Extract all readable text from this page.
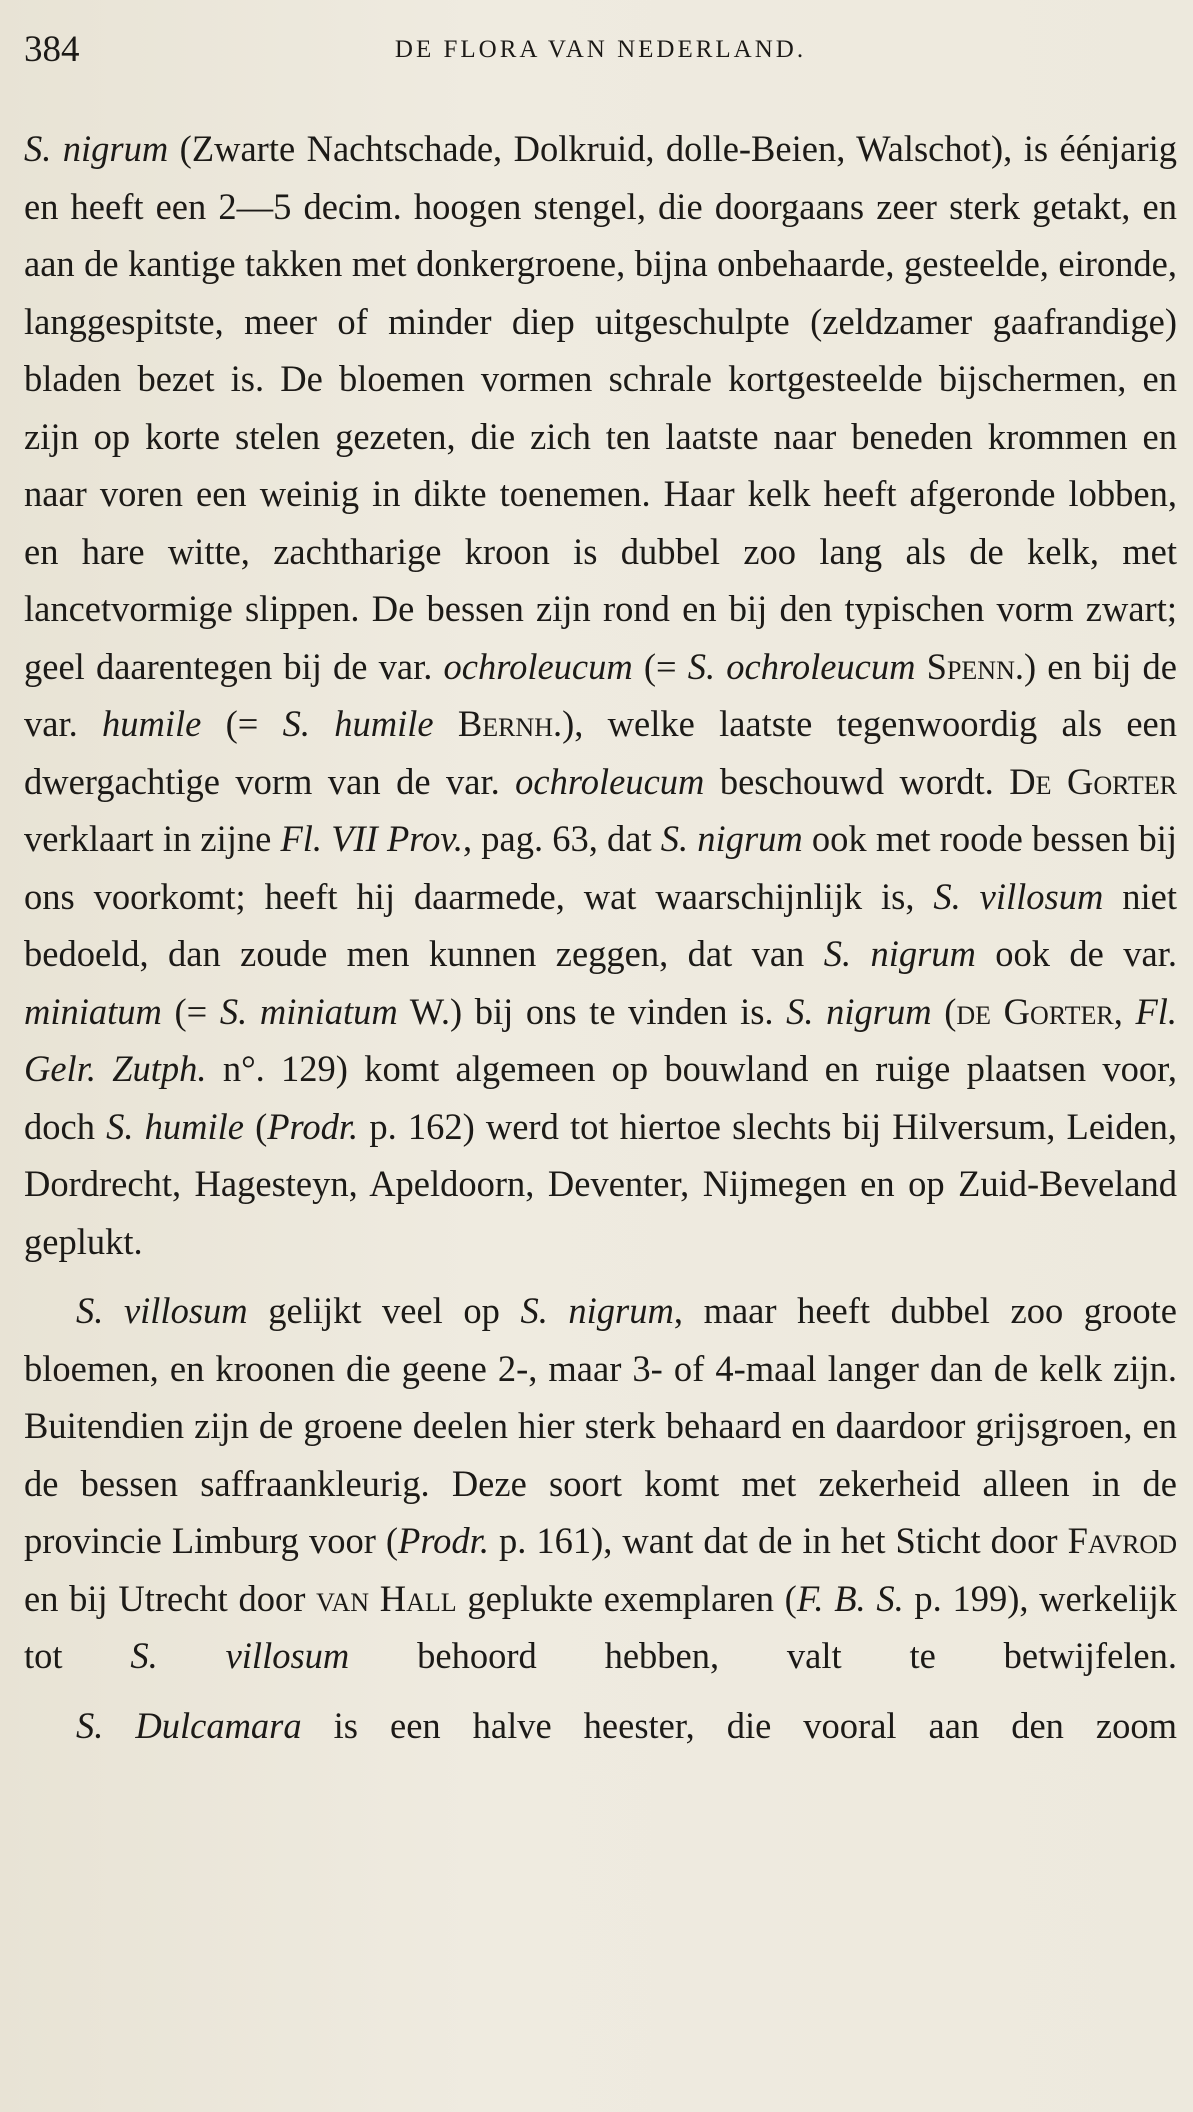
384	DE FLORA VAN NEDERLAND.

S. nigrum (Zwarte Nachtschade, Dolkruid, dolle-Beien, Walschot), is éénjarig en heeft een 2—5 decim. hoogen stengel, die doorgaans zeer sterk getakt, en aan de kantige takken met donkergroene, bijna onbehaarde, gesteelde, eironde, langgespitste, meer of minder diep uitgeschulpte (zeldzamer gaafrandige) bladen bezet is. De bloemen vormen schrale kortgesteelde bijschermen, en zijn op korte stelen gezeten, die zich ten laatste naar beneden krommen en naar voren een weinig in dikte toenemen. Haar kelk heeft afgeronde lobben, en hare witte, zachtharige kroon is dubbel zoo lang als de kelk, met lancetvormige slippen. De bessen zijn rond en bij den typischen vorm zwart; geel daarentegen bij de var. ochroleucum (= S. ochroleucum Spenn.) en bij de var. humile (= S. humile Bernh.), welke laatste tegenwoordig als een dwergachtige vorm van de var. ochroleucum beschouwd wordt. De Gorter verklaart in zijne Fl. VII Prov., pag. 63, dat S. nigrum ook met roode bessen bij ons voorkomt; heeft hij daarmede, wat waarschijnlijk is, S. villosum niet bedoeld, dan zoude men kunnen zeggen, dat van S. nigrum ook de var. miniatum (= S. miniatum W.) bij ons te vinden is. S. nigrum (de Gorter, Fl. Gelr. Zutph. n°. 129) komt algemeen op bouwland en ruige plaatsen voor, doch S. humile (Prodr. p. 162) werd tot hiertoe slechts bij Hilversum, Leiden, Dordrecht, Hagesteyn, Apeldoorn, Deventer, Nijmegen en op Zuid-Beveland geplukt.

S. villosum gelijkt veel op S. nigrum, maar heeft dubbel zoo groote bloemen, en kroonen die geene 2-, maar 3- of 4-maal langer dan de kelk zijn. Buitendien zijn de groene deelen hier sterk behaard en daardoor grijsgroen, en de bessen saffraankleurig. Deze soort komt met zekerheid alleen in de provincie Limburg voor (Prodr. p. 161), want dat de in het Sticht door Favrod en bij Utrecht door van Hall geplukte exemplaren (F. B. S. p. 199), werkelijk tot S. villosum behoord hebben, valt te betwijfelen.

S. Dulcamara is een halve heester, die vooral aan den zoom
